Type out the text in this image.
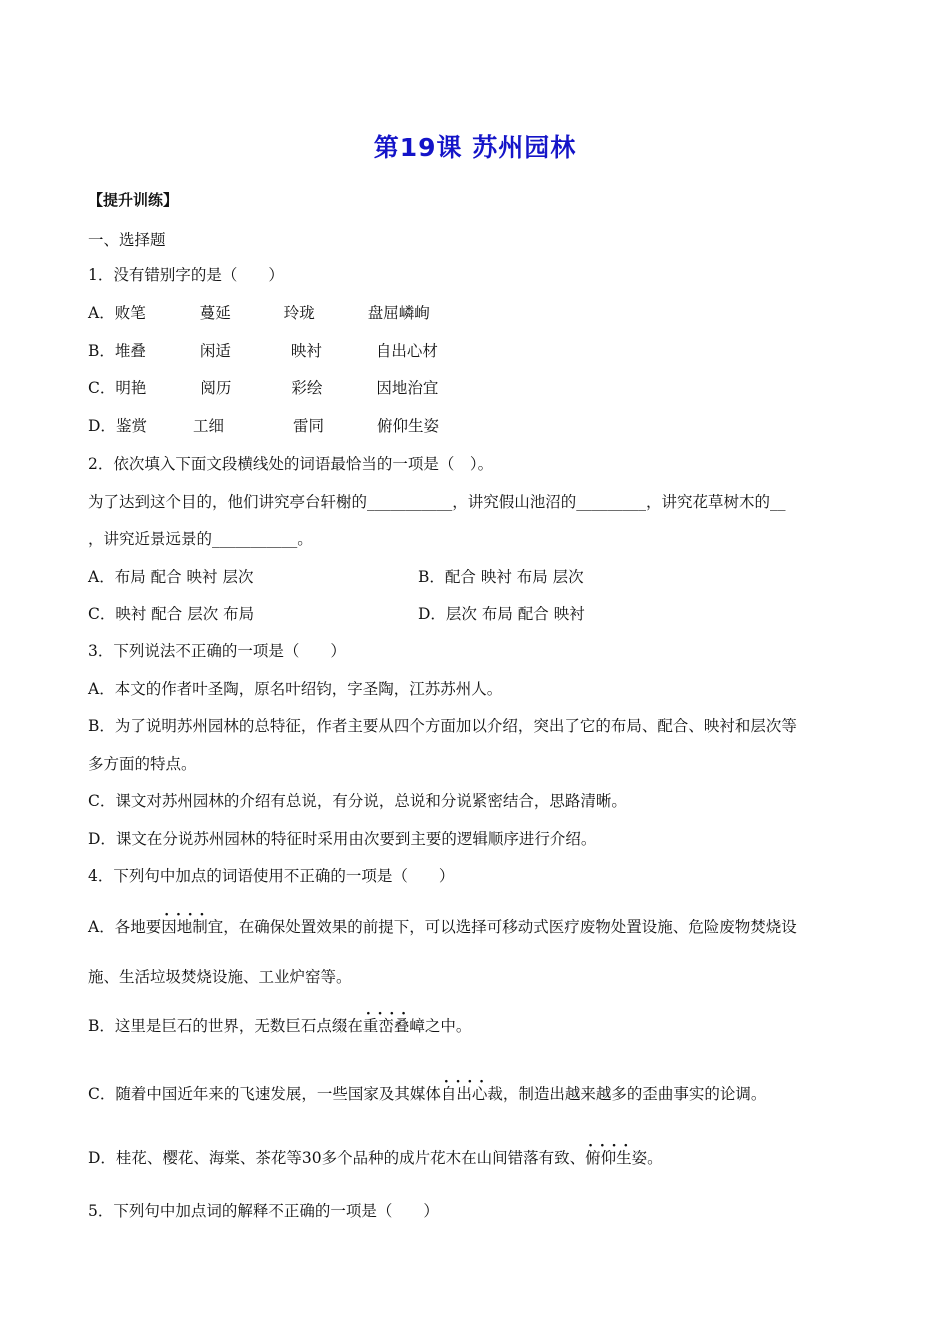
第19课 苏州园林
【提升训练】
一、选择题
1．没有错别字的是（　　）
A．败笔	蔓延	玲珑	盘屈嶙峋
B．堆叠	闲适	映衬	自出心材
C．明艳	阅历	彩绘	因地治宜
D．鉴赏	工细	雷同	俯仰生姿
2．依次填入下面文段横线处的词语最恰当的一项是（　）。
为了达到这个目的，他们讲究亭台轩榭的___________，讲究假山池沼的_________，讲究花草树木的__
，讲究近景远景的___________。
A．布局 配合 映衬 层次	B．配合 映衬 布局 层次
C．映衬 配合 层次 布局	D．层次 布局 配合 映衬
3．下列说法不正确的一项是（　　）
A．本文的作者叶圣陶，原名叶绍钧，字圣陶，江苏苏州人。
B．为了说明苏州园林的总特征，作者主要从四个方面加以介绍，突出了它的布局、配合、映衬和层次等
多方面的特点。
C．课文对苏州园林的介绍有总说，有分说，总说和分说紧密结合，思路清晰。
D．课文在分说苏州园林的特征时采用由次要到主要的逻辑顺序进行介绍。
4．下列句中加点的词语使用不正确的一项是（　　）
A．各地要· · · · 因地制宜，在确保处置效果的前提下，可以选择可移动式医疗废物处置设施、危险废物焚烧设
施、生活垃圾焚烧设施、工业炉窑等。
B．这里是巨石的世界，无数巨石点缀在· · · · 重峦叠嶂之中。
C．随着中国近年来的飞速发展，一些国家及其媒体· · · · 自出心裁，制造出越来越多的歪曲事实的论调。
D．桂花、樱花、海棠、茶花等30多个品种的成片花木在山间错落有致、· · · · 俯仰生姿。
5．下列句中加点词的解释不正确的一项是（　　）
